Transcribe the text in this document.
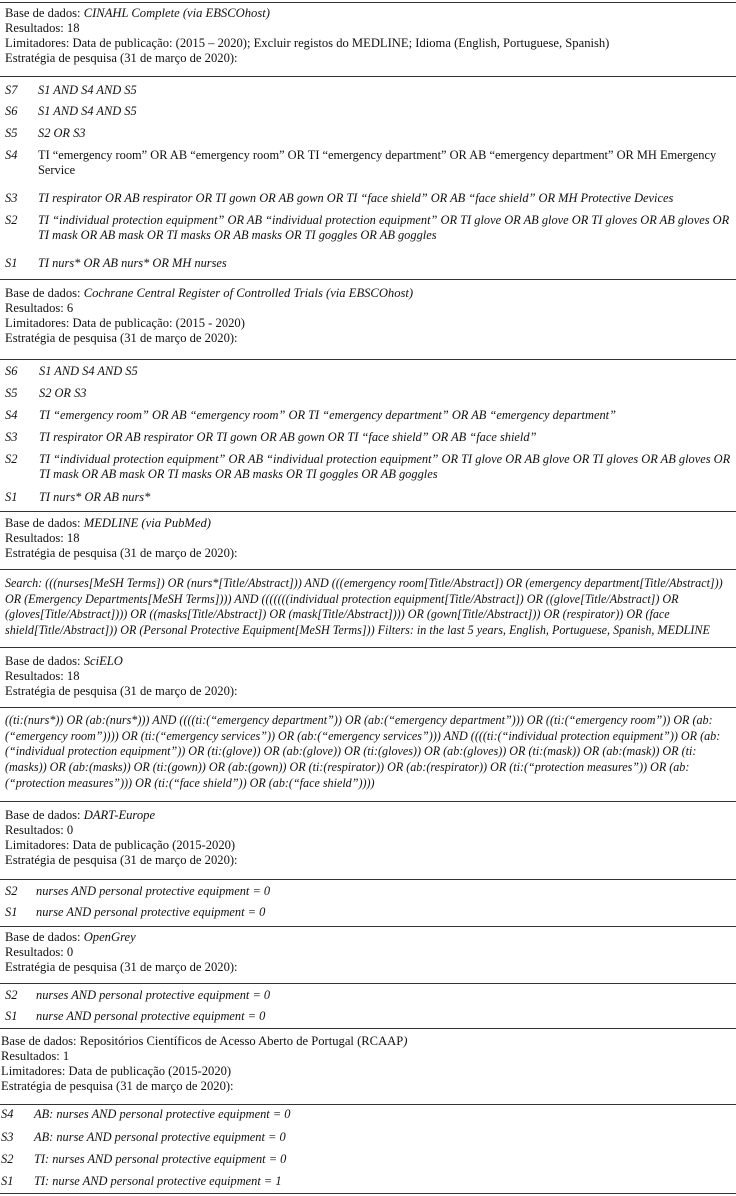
Base de dados: CINAHL Complete (via EBSCOhost)
Resultados: 18
Limitadores: Data de publicação: (2015 – 2020); Excluir registos do MEDLINE; Idioma (English, Portuguese, Spanish)
Estratégia de pesquisa (31 de março de 2020):
S7 S1 AND S4 AND S5
S6 S1 AND S4 AND S5
S5 S2 OR S3
S4 TI “emergency room” OR AB “emergency room” OR TI “emergency department” OR AB “emergency department” OR MH Emergency Service
S3 TI respirator OR AB respirator OR TI gown OR AB gown OR TI “face shield” OR AB “face shield” OR MH Protective Devices
S2 TI “individual protection equipment” OR AB “individual protection equipment” OR TI glove OR AB glove OR TI gloves OR AB gloves OR TI mask OR AB mask OR TI masks OR AB masks OR TI goggles OR AB goggles
S1 TI nurs* OR AB nurs* OR MH nurses
Base de dados: Cochrane Central Register of Controlled Trials (via EBSCOhost)
Resultados: 6
Limitadores: Data de publicação: (2015 - 2020)
Estratégia de pesquisa (31 de março de 2020):
S6 S1 AND S4 AND S5
S5 S2 OR S3
S4 TI “emergency room” OR AB “emergency room” OR TI “emergency department” OR AB “emergency department”
S3 TI respirator OR AB respirator OR TI gown OR AB gown OR TI “face shield” OR AB “face shield”
S2 TI “individual protection equipment” OR AB “individual protection equipment” OR TI glove OR AB glove OR TI gloves OR AB gloves OR TI mask OR AB mask OR TI masks OR AB masks OR TI goggles OR AB goggles
S1 TI nurs* OR AB nurs*
Base de dados: MEDLINE (via PubMed)
Resultados: 18
Estratégia de pesquisa (31 de março de 2020):
Search: (((nurses[MeSH Terms]) OR (nurs*[Title/Abstract])) AND (((emergency room[Title/Abstract]) OR (emergency department[Title/Abstract])) OR (Emergency Departments[MeSH Terms]))) AND (((((((individual protection equipment[Title/Abstract]) OR ((glove[Title/Abstract]) OR (gloves[Title/Abstract]))) OR ((masks[Title/Abstract]) OR (mask[Title/Abstract]))) OR (gown[Title/Abstract])) OR (respirator)) OR (face shield[Title/Abstract])) OR (Personal Protective Equipment[MeSH Terms])) Filters: in the last 5 years, English, Portuguese, Spanish, MEDLINE
Base de dados: SciELO
Resultados: 18
Estratégia de pesquisa (31 de março de 2020):
((ti:(nurs*)) OR (ab:(nurs*))) AND ((((ti:(“emergency department”)) OR (ab:(“emergency department”))) OR ((ti:(“emergency room”)) OR (ab:(“emergency room”)))) OR (ti:(“emergency services”)) OR (ab:(“emergency services”))) AND ((((ti:(“individual protection equipment”)) OR (ab:(“individual protection equipment”)) OR (ti:(glove)) OR (ab:(glove)) OR (ti:(gloves)) OR (ab:(gloves)) OR (ti:(mask)) OR (ab:(mask)) OR (ti:(masks)) OR (ab:(masks)) OR (ti:(gown)) OR (ab:(gown)) OR (ti:(respirator)) OR (ab:(respirator)) OR (ti:(“protection measures”)) OR (ab:(“protection measures”))) OR (ti:(“face shield”)) OR (ab:(“face shield”))))
Base de dados: DART-Europe
Resultados: 0
Limitadores: Data de publicação (2015-2020)
Estratégia de pesquisa (31 de março de 2020):
S2 nurses AND personal protective equipment = 0
S1 nurse AND personal protective equipment = 0
Base de dados: OpenGrey
Resultados: 0
Estratégia de pesquisa (31 de março de 2020):
S2 nurses AND personal protective equipment = 0
S1 nurse AND personal protective equipment = 0
Base de dados: Repositórios Científicos de Acesso Aberto de Portugal (RCAAP)
Resultados: 1
Limitadores: Data de publicação (2015-2020)
Estratégia de pesquisa (31 de março de 2020):
S4 AB: nurses AND personal protective equipment = 0
S3 AB: nurse AND personal protective equipment = 0
S2 TI: nurses AND personal protective equipment = 0
S1 TI: nurse AND personal protective equipment = 1
